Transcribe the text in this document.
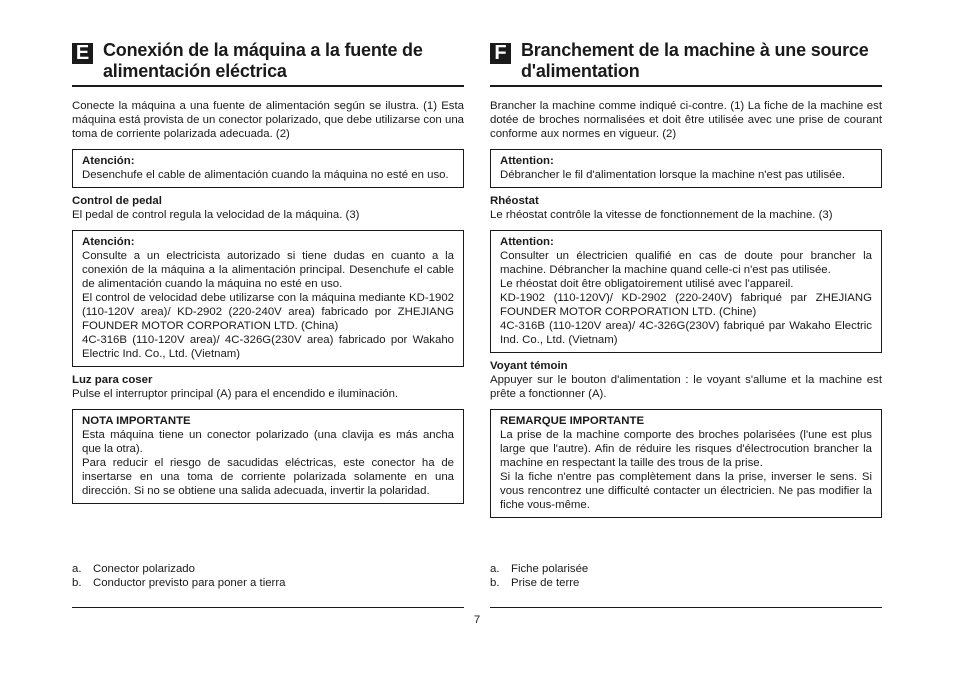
E Conexión de la máquina a la fuente de alimentación eléctrica

Conecte la máquina a una fuente de alimentación según se ilustra. (1) Esta máquina está provista de un conector polarizado, que debe utilizarse con una toma de corriente polarizada adecuada. (2)

Atención:

Desenchufe el cable de alimentación cuando la máquina no esté en uso.

Control de pedal

El pedal de control regula la velocidad de la máquina. (3)

Atención:

Consulte a un electricista autorizado si tiene dudas en cuanto a la conexión de la máquina a la alimentación principal. Desenchufe el cable de alimentación cuando la máquina no esté en uso.

El control de velocidad debe utilizarse con la máquina mediante KD-1902 (110-120V area)/ KD-2902 (220-240V area) fabricado por ZHEJIANG FOUNDER MOTOR CORPORATION LTD. (China)

4C-316B (110-120V area)/ 4C-326G(230V area) fabricado por Wakaho Electric Ind. Co., Ltd. (Vietnam)

Luz para coser

Pulse el interruptor principal (A) para el encendido e iluminación.

NOTA IMPORTANTE

Esta máquina tiene un conector polarizado (una clavija es más ancha que la otra).

Para reducir el riesgo de sacudidas eléctricas, este conector ha de insertarse en una toma de corriente polarizada solamente en una dirección. Si no se obtiene una salida adecuada, invertir la polaridad.

a.	Conector polarizado
b.	Conductor previsto para poner a tierra
F Branchement de la machine à une source d'alimentation

Brancher la machine comme indiqué ci-contre. (1) La fiche de la machine est dotée de broches normalisées et doit être utilisée avec une prise de courant conforme aux normes en vigueur. (2)

Attention:

Débrancher le fil d'alimentation lorsque la machine n'est pas utilisée.

Rhéostat

Le rhéostat contrôle la vitesse de fonctionnement de la machine. (3)

Attention:

Consulter un électricien qualifié en cas de doute pour brancher la machine. Débrancher la machine quand celle-ci n'est pas utilisée.

Le rhéostat doit être obligatoirement utilisé avec l'appareil.

KD-1902 (110-120V)/ KD-2902 (220-240V) fabriqué par ZHEJIANG FOUNDER MOTOR CORPORATION LTD. (Chine)

4C-316B (110-120V area)/ 4C-326G(230V) fabriqué par Wakaho Electric Ind. Co., Ltd. (Vietnam)

Voyant témoin

Appuyer sur le bouton d'alimentation : le voyant s'allume et la machine est prête a fonctionner (A).

REMARQUE IMPORTANTE

La prise de la machine comporte des broches polarisées (l'une est plus large que l'autre). Afin de réduire les risques d'électrocution brancher la machine en respectant la taille des trous de la prise.

Si la fiche n'entre pas complètement dans la prise, inverser le sens. Si vous rencontrez une difficulté contacter un électricien. Ne pas modifier la fiche vous-même.

a.	Fiche polarisée
b.	Prise de terre
7
